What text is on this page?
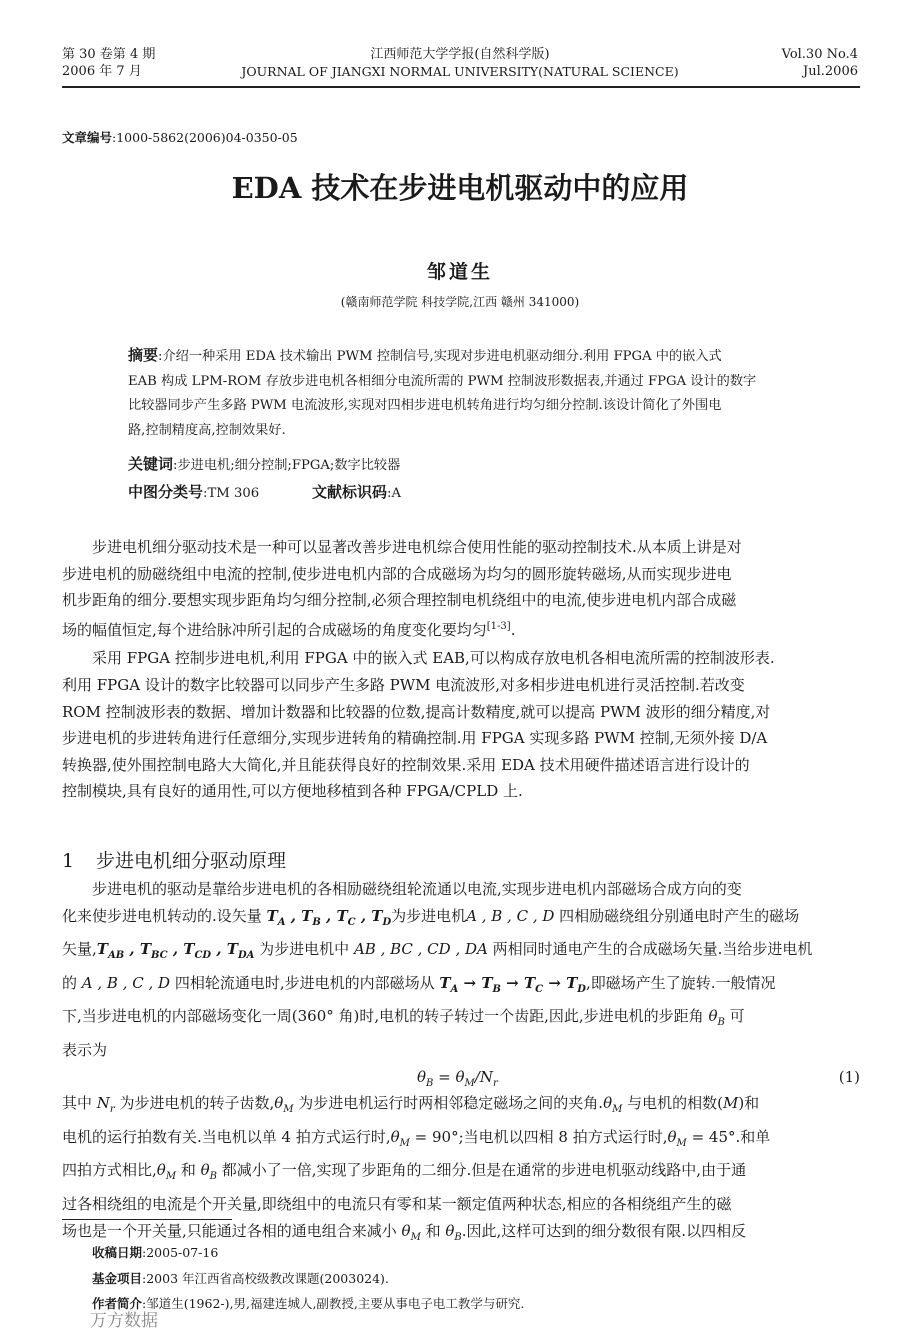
第 30 卷第 4 期
2006 年 7 月
江西师范大学学报(自然科学版)
JOURNAL OF JIANGXI NORMAL UNIVERSITY(NATURAL SCIENCE)
Vol.30 No.4
Jul.2006
文章编号:1000-5862(2006)04-0350-05
EDA 技术在步进电机驱动中的应用
邹道生
(赣南师范学院 科技学院,江西 赣州 341000)
摘要:介绍一种采用 EDA 技术输出 PWM 控制信号,实现对步进电机驱动细分.利用 FPGA 中的嵌入式
EAB 构成 LPM-ROM 存放步进电机各相细分电流所需的 PWM 控制波形数据表,并通过 FPGA 设计的数字
比较器同步产生多路 PWM 电流波形,实现对四相步进电机转角进行均匀细分控制.该设计简化了外围电
路,控制精度高,控制效果好.
关键词:步进电机;细分控制;FPGA;数字比较器
中图分类号:TM 306	文献标识码:A
步进电机细分驱动技术是一种可以显著改善步进电机综合使用性能的驱动控制技术.从本质上讲是对
步进电机的励磁绕组中电流的控制,使步进电机内部的合成磁场为均匀的圆形旋转磁场,从而实现步进电
机步距角的细分.要想实现步距角均匀细分控制,必须合理控制电机绕组中的电流,使步进电机内部合成磁
场的幅值恒定,每个进给脉冲所引起的合成磁场的角度变化要均匀[1-3].
采用 FPGA 控制步进电机,利用 FPGA 中的嵌入式 EAB,可以构成存放电机各相电流所需的控制波形表.
利用 FPGA 设计的数字比较器可以同步产生多路 PWM 电流波形,对多相步进电机进行灵活控制.若改变
ROM 控制波形表的数据、增加计数器和比较器的位数,提高计数精度,就可以提高 PWM 波形的细分精度,对
步进电机的步进转角进行任意细分,实现步进转角的精确控制.用 FPGA 实现多路 PWM 控制,无须外接 D/A
转换器,使外围控制电路大大简化,并且能获得良好的控制效果.采用 EDA 技术用硬件描述语言进行设计的
控制模块,具有良好的通用性,可以方便地移植到各种 FPGA/CPLD 上.
1 步进电机细分驱动原理
步进电机的驱动是靠给步进电机的各相励磁绕组轮流通以电流,实现步进电机内部磁场合成方向的变
化来使步进电机转动的.设矢量 $T_A$ , $T_B$ , $T_C$ , $T_D$为步进电机A , B , C , D 四相励磁绕组分别通电时产生的磁场
矢量$,T_{AB}$ , $T_{BC}$ , $T_{CD}$ , $T_{DA}$ 为步进电机中 AB , BC , CD , DA 两相同时通电产生的合成磁场矢量.当给步进电机
的 A , B , C , D 四相轮流通电时,步进电机的内部磁场从 $T_A \to T_B \to T_C \to T_D$,即磁场产生了旋转.一般情况
下,当步进电机的内部磁场变化一周(360° 角)时,电机的转子转过一个齿距,因此,步进电机的步距角 $\theta_B$ 可
表示为
$\theta_B = \theta_M/N_r$	(1)
其中 $N_r$ 为步进电机的转子齿数$,\theta_M$ 为步进电机运行时两相邻稳定磁场之间的夹角$.\theta_M$ 与电机的相数(M)和
电机的运行拍数有关.当电机以单 4 拍方式运行时$,\theta_M = 90^\circ$;当电机以四相 8 拍方式运行时$,\theta_M = 45^\circ$.和单
四拍方式相比$,\theta_M$ 和 $\theta_B$ 都减小了一倍,实现了步距角的二细分.但是在通常的步进电机驱动线路中,由于通
过各相绕组的电流是个开关量,即绕组中的电流只有零和某一额定值两种状态,相应的各相绕组产生的磁
场也是一个开关量,只能通过各相的通电组合来减小 $\theta_M$ 和 $\theta_B$.因此,这样可达到的细分数很有限.以四相反
收稿日期:2005-07-16
基金项目:2003 年江西省高校级教改课题(2003024).
作者简介:邹道生(1962-),男,福建连城人,副教授,主要从事电子电工教学与研究.
万方数据
